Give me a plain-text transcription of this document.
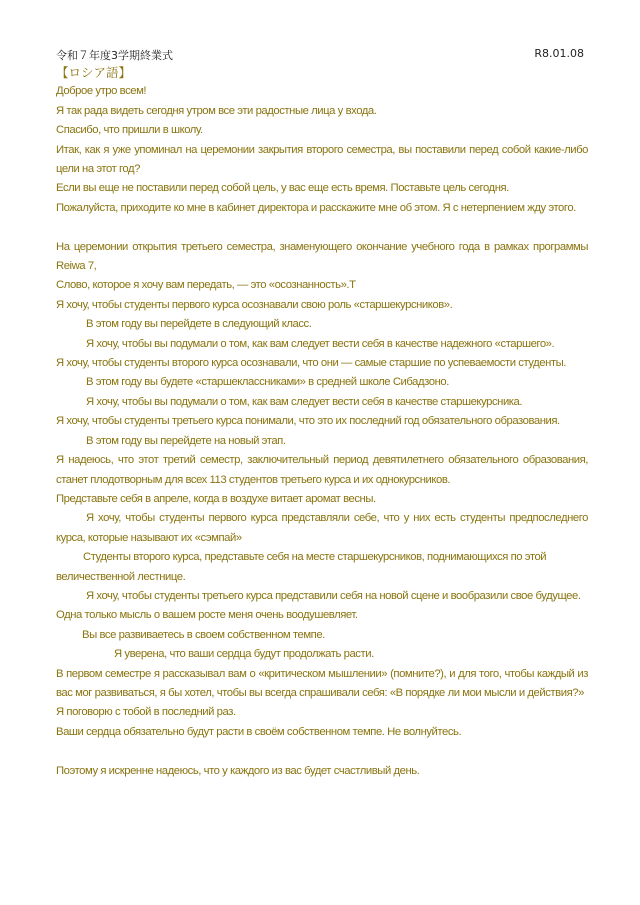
令和７年度3学期終業式	R8.01.08

【ロシア語】

Доброе утро всем!

Я так рада видеть сегодня утром все эти радостные лица у входа.

Спасибо, что пришли в школу.

Итак, как я уже упоминал на церемонии закрытия второго семестра, вы поставили перед собой какие-либо цели на этот год?

Если вы еще не поставили перед собой цель, у вас еще есть время. Поставьте цель сегодня.

Пожалуйста, приходите ко мне в кабинет директора и расскажите мне об этом. Я с нетерпением жду этого.

На церемонии открытия третьего семестра, знаменующего окончание учебного года в рамках программы Reiwa 7,

Слово, которое я хочу вам передать, — это «осознанность».Т

Я хочу, чтобы студенты первого курса осознавали свою роль «старшекурсников».

В этом году вы перейдете в следующий класс.

Я хочу, чтобы вы подумали о том, как вам следует вести себя в качестве надежного «старшего».

Я хочу, чтобы студенты второго курса осознавали, что они — самые старшие по успеваемости студенты.

В этом году вы будете «старшеклассниками» в средней школе Сибадзоно.

Я хочу, чтобы вы подумали о том, как вам следует вести себя в качестве старшекурсника.

Я хочу, чтобы студенты третьего курса понимали, что это их последний год обязательного образования.

В этом году вы перейдете на новый этап.

Я надеюсь, что этот третий семестр, заключительный период девятилетнего обязательного образования, станет плодотворным для всех 113 студентов третьего курса и их однокурсников.

Представьте себя в апреле, когда в воздухе витает аромат весны.

Я хочу, чтобы студенты первого курса представляли себе, что у них есть студенты предпоследнего курса, которые называют их «сэмпай»

Студенты второго курса, представьте себя на месте старшекурсников, поднимающихся по этой величественной лестнице.

Я хочу, чтобы студенты третьего курса представили себя на новой сцене и вообразили свое будущее.

Одна только мысль о вашем росте меня очень воодушевляет.

Вы все развиваетесь в своем собственном темпе.

Я уверена, что ваши сердца будут продолжать расти.

В первом семестре я рассказывал вам о «критическом мышлении» (помните?), и для того, чтобы каждый из вас мог развиваться, я бы хотел, чтобы вы всегда спрашивали себя: «В порядке ли мои мысли и действия?»

Я поговорю с тобой в последний раз.

Ваши сердца обязательно будут расти в своём собственном темпе. Не волнуйтесь.

Поэтому я искренне надеюсь, что у каждого из вас будет счастливый день.
